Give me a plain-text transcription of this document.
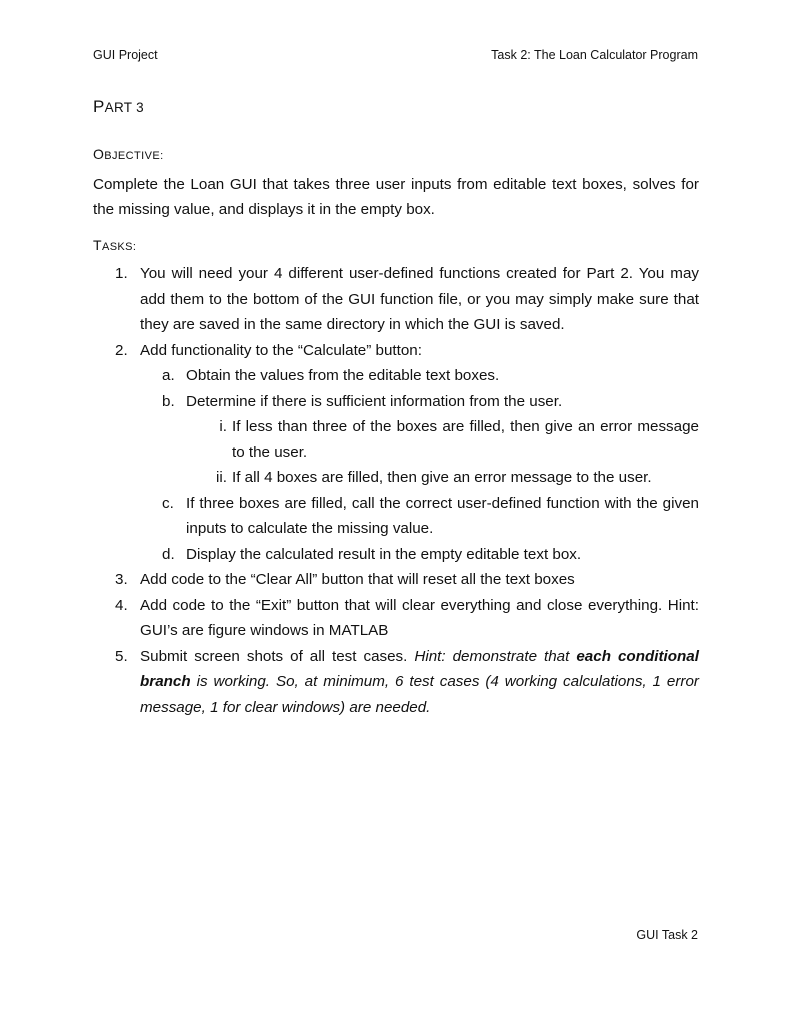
GUI Project	Task 2: The Loan Calculator Program
PART 3
OBJECTIVE:
Complete the Loan GUI that takes three user inputs from editable text boxes, solves for the missing value, and displays it in the empty box.
TASKS:
1. You will need your 4 different user-defined functions created for Part 2. You may add them to the bottom of the GUI function file, or you may simply make sure that they are saved in the same directory in which the GUI is saved.
2. Add functionality to the “Calculate” button:
a. Obtain the values from the editable text boxes.
b. Determine if there is sufficient information from the user.
i. If less than three of the boxes are filled, then give an error message to the user.
ii. If all 4 boxes are filled, then give an error message to the user.
c. If three boxes are filled, call the correct user-defined function with the given inputs to calculate the missing value.
d. Display the calculated result in the empty editable text box.
3. Add code to the “Clear All” button that will reset all the text boxes
4. Add code to the “Exit” button that will clear everything and close everything. Hint: GUI’s are figure windows in MATLAB
5. Submit screen shots of all test cases. Hint: demonstrate that each conditional branch is working. So, at minimum, 6 test cases (4 working calculations, 1 error message, 1 for clear windows) are needed.
GUI Task 2
